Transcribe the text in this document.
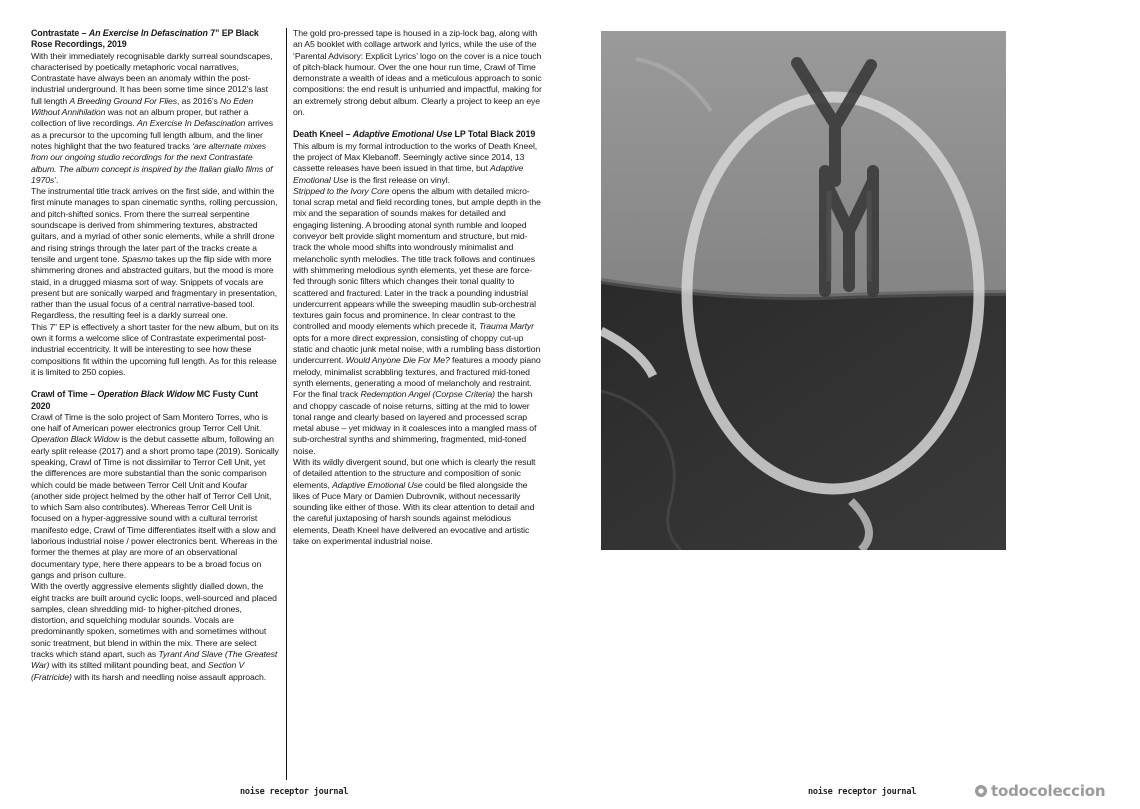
Contrastate – An Exercise In Defascination 7” EP Black Rose Recordings, 2019

With their immediately recognisable darkly surreal soundscapes, characterised by poetically metaphoric vocal narratives, Contrastate have always been an anomaly within the post-industrial underground. It has been some time since 2012’s last full length A Breeding Ground For Flies, as 2016’s No Eden Without Annihilation was not an album proper, but rather a collection of live recordings. An Exercise In Defascination arrives as a precursor to the upcoming full length album, and the liner notes highlight that the two featured tracks ‘are alternate mixes from our ongoing studio recordings for the next Contrastate album. The album concept is inspired by the Italian giallo films of 1970s’.

The instrumental title track arrives on the first side, and within the first minute manages to span cinematic synths, rolling percussion, and pitch-shifted sonics. From there the surreal serpentine soundscape is derived from shimmering textures, abstracted guitars, and a myriad of other sonic elements, while a shrill drone and rising strings through the later part of the tracks create a tensile and urgent tone. Spasmo takes up the flip side with more shimmering drones and abstracted guitars, but the mood is more staid, in a drugged miasma sort of way. Snippets of vocals are present but are sonically warped and fragmentary in presentation, rather than the usual focus of a central narrative-based tool. Regardless, the resulting feel is a darkly surreal one.

This 7” EP is effectively a short taster for the new album, but on its own it forms a welcome slice of Contrastate experimental post-industrial eccentricity. It will be interesting to see how these compositions fit within the upcoming full length. As for this release it is limited to 250 copies.

Crawl of Time – Operation Black Widow MC Fusty Cunt 2020

Crawl of Time is the solo project of Sam Montero Torres, who is one half of American power electronics group Terror Cell Unit. Operation Black Widow is the debut cassette album, following an early split release (2017) and a short promo tape (2019). Sonically speaking, Crawl of Time is not dissimilar to Terror Cell Unit, yet the differences are more substantial than the sonic comparison which could be made between Terror Cell Unit and Koufar (another side project helmed by the other half of Terror Cell Unit, to which Sam also contributes). Whereas Terror Cell Unit is focused on a hyper-aggressive sound with a cultural terrorist manifesto edge, Crawl of Time differentiates itself with a slow and laborious industrial noise / power electronics bent. Whereas in the former the themes at play are more of an observational documentary type, here there appears to be a broad focus on gangs and prison culture.

With the overtly aggressive elements slightly dialled down, the eight tracks are built around cyclic loops, well-sourced and placed samples, clean shredding mid- to higher-pitched drones, distortion, and squelching modular sounds. Vocals are predominantly spoken, sometimes with and sometimes without sonic treatment, but blend in within the mix. There are select tracks which stand apart, such as Tyrant And Slave (The Greatest War) with its stilted militant pounding beat, and Section V (Fratricide) with its harsh and needling noise assault approach.

The gold pro-pressed tape is housed in a zip-lock bag, along with an A5 booklet with collage artwork and lyrics, while the use of the ‘Parental Advisory: Explicit Lyrics’ logo on the cover is a nice touch of pitch-black humour. Over the one hour run time, Crawl of Time demonstrate a wealth of ideas and a meticulous approach to sonic compositions: the end result is unhurried and impactful, making for an extremely strong debut album. Clearly a project to keep an eye on.

Death Kneel – Adaptive Emotional Use LP Total Black 2019

This album is my formal introduction to the works of Death Kneel, the project of Max Klebanoff. Seemingly active since 2014, 13 cassette releases have been issued in that time, but Adaptive Emotional Use is the first release on vinyl.

Stripped to the Ivory Core opens the album with detailed micro-tonal scrap metal and field recording tones, but ample depth in the mix and the separation of sounds makes for detailed and engaging listening. A brooding atonal synth rumble and looped conveyor belt provide slight momentum and structure, but mid-track the whole mood shifts into wondrously minimalist and melancholic synth melodies. The title track follows and continues with shimmering melodious synth elements, yet these are force-fed through sonic filters which changes their tonal quality to scattered and fractured. Later in the track a pounding industrial undercurrent appears while the sweeping maudlin sub-orchestral textures gain focus and prominence. In clear contrast to the controlled and moody elements which precede it, Trauma Martyr opts for a more direct expression, consisting of choppy cut-up static and chaotic junk metal noise, with a rumbling bass distortion undercurrent. Would Anyone Die For Me? features a moody piano melody, minimalist scrabbling textures, and fractured mid-toned synth elements, generating a mood of melancholy and restraint. For the final track Redemption Angel (Corpse Criteria) the harsh and choppy cascade of noise returns, sitting at the mid to lower tonal range and clearly based on layered and processed scrap metal abuse – yet midway in it coalesces into a mangled mass of sub-orchestral synths and shimmering, fragmented, mid-toned noise.

With its wildly divergent sound, but one which is clearly the result of detailed attention to the structure and composition of sonic elements, Adaptive Emotional Use could be filed alongside the likes of Puce Mary or Damien Dubrovnik, without necessarily sounding like either of those. With its clear attention to detail and the careful juxtaposing of harsh sounds against melodious elements, Death Kneel have delivered an evocative and artistic take on experimental industrial noise.

noise receptor journal	noise receptor journal	todocoleccion
